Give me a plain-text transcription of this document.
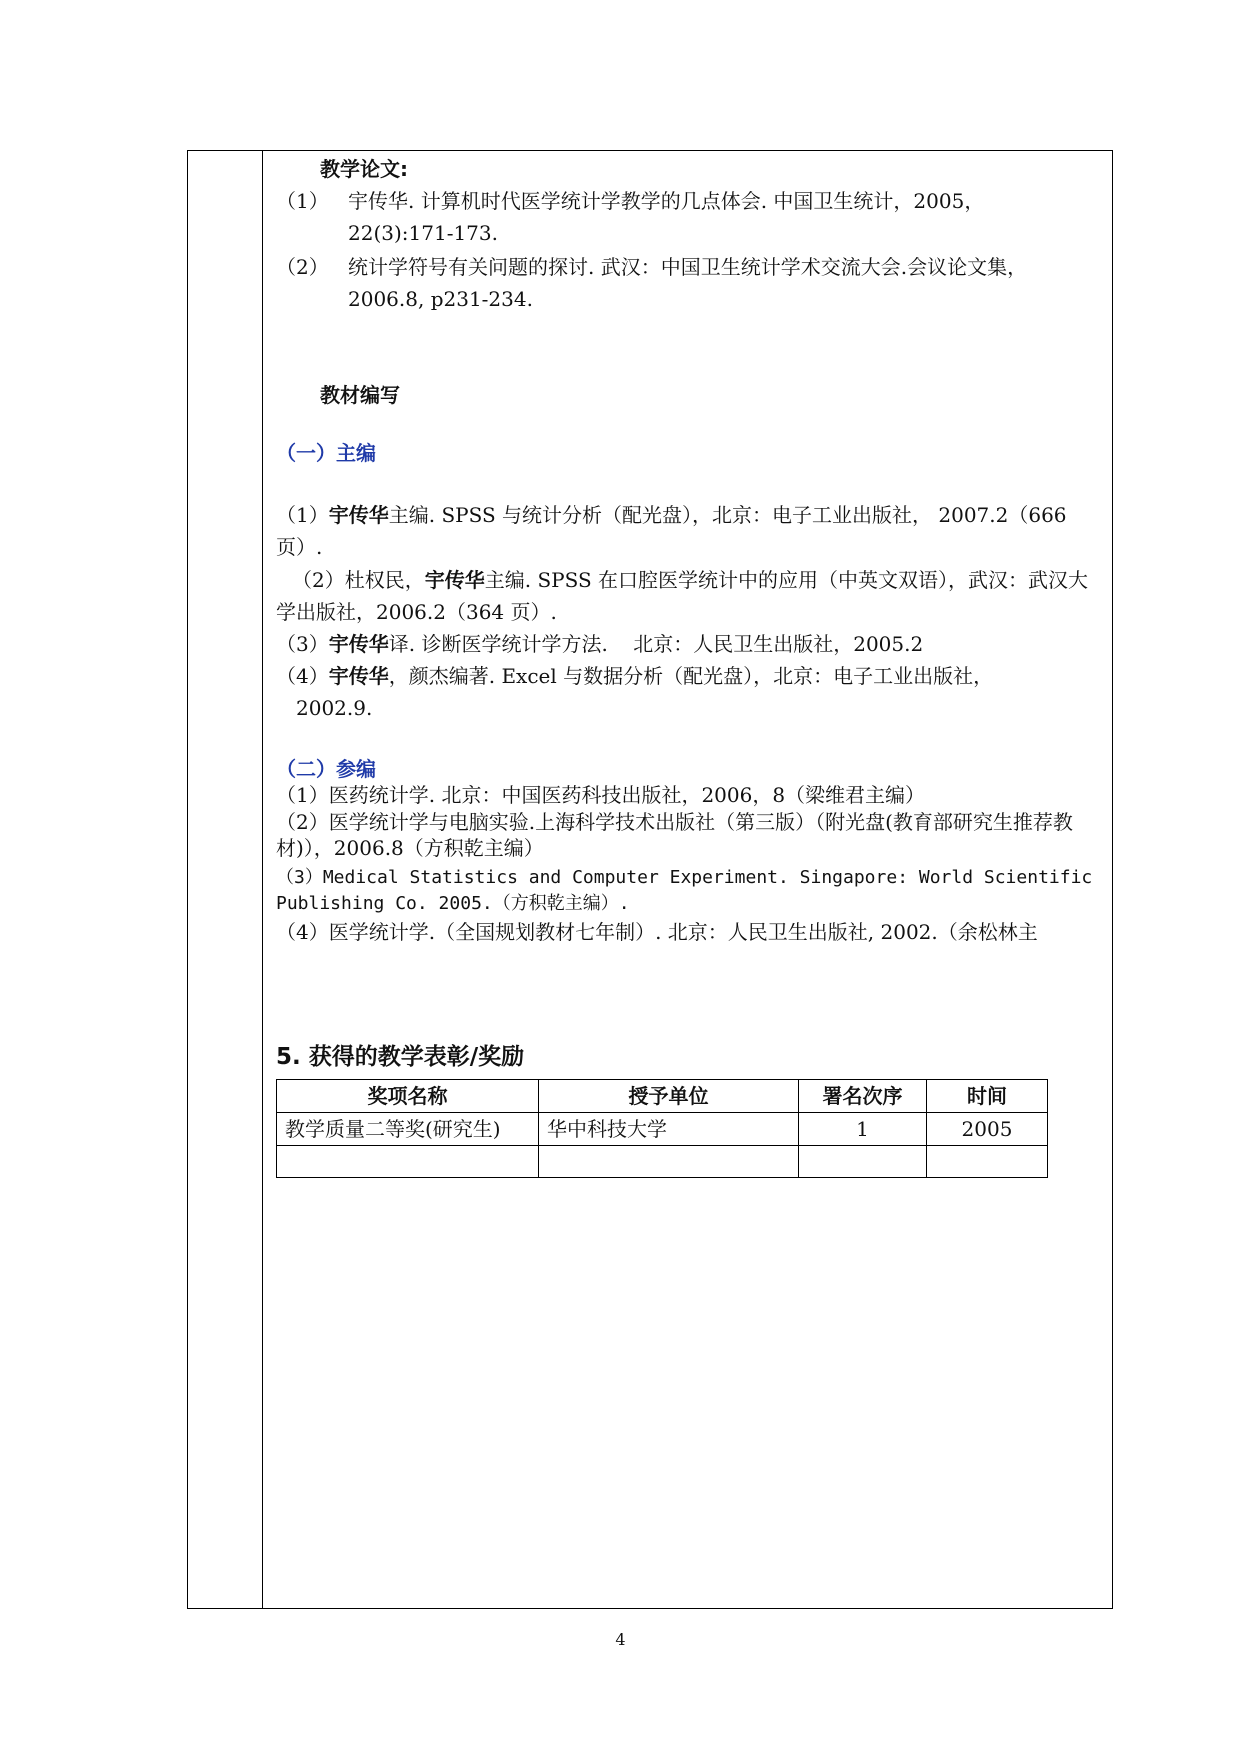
教学论文:
（1） 宇传华. 计算机时代医学统计学教学的几点体会. 中国卫生统计，2005，
22(3):171-173.
（2） 统计学符号有关问题的探讨. 武汉：中国卫生统计学术交流大会.会议论文集，
2006.8, p231-234.
教材编写
（一）主编
（1）宇传华主编. SPSS 与统计分析（配光盘），北京：电子工业出版社， 2007.2（666页）.
（2）杜权民，宇传华主编. SPSS 在口腔医学统计中的应用（中英文双语），武汉：武汉大学出版社，2006.2（364 页）.
（3）宇传华译. 诊断医学统计学方法.    北京：人民卫生出版社，2005.2
（4）宇传华，颜杰编著. Excel 与数据分析（配光盘），北京：电子工业出版社，
2002.9.
（二）参编
（1）医药统计学. 北京：中国医药科技出版社，2006，8（梁维君主编）
（2）医学统计学与电脑实验.上海科学技术出版社（第三版）（附光盘(教育部研究生推荐教材)），2006.8（方积乾主编）
（3）Medical Statistics and Computer Experiment. Singapore: World Scientific Publishing Co. 2005.（方积乾主编）.
（4）医学统计学.（全国规划教材七年制）. 北京：人民卫生出版社, 2002.（余松林主
5. 获得的教学表彰/奖励
奖项名称	授予单位	署名次序	时间
教学质量二等奖(研究生)	华中科技大学	1	2005

4
